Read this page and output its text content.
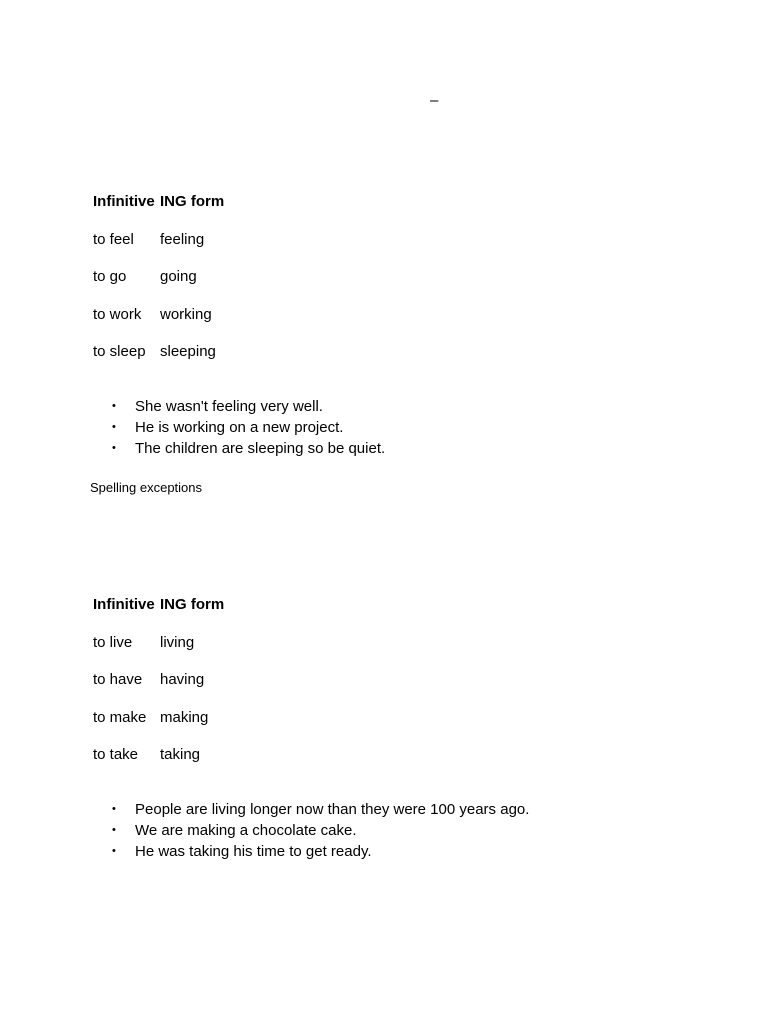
–
Infinitive ING form
to feel feeling
to go going
to work working
to sleep sleeping
• She wasn't feeling very well.
• He is working on a new project.
• The children are sleeping so be quiet.
Spelling exceptions
Infinitive ING form
to live living
to have having
to make making
to take taking
• People are living longer now than they were 100 years ago.
• We are making a chocolate cake.
• He was taking his time to get ready.
